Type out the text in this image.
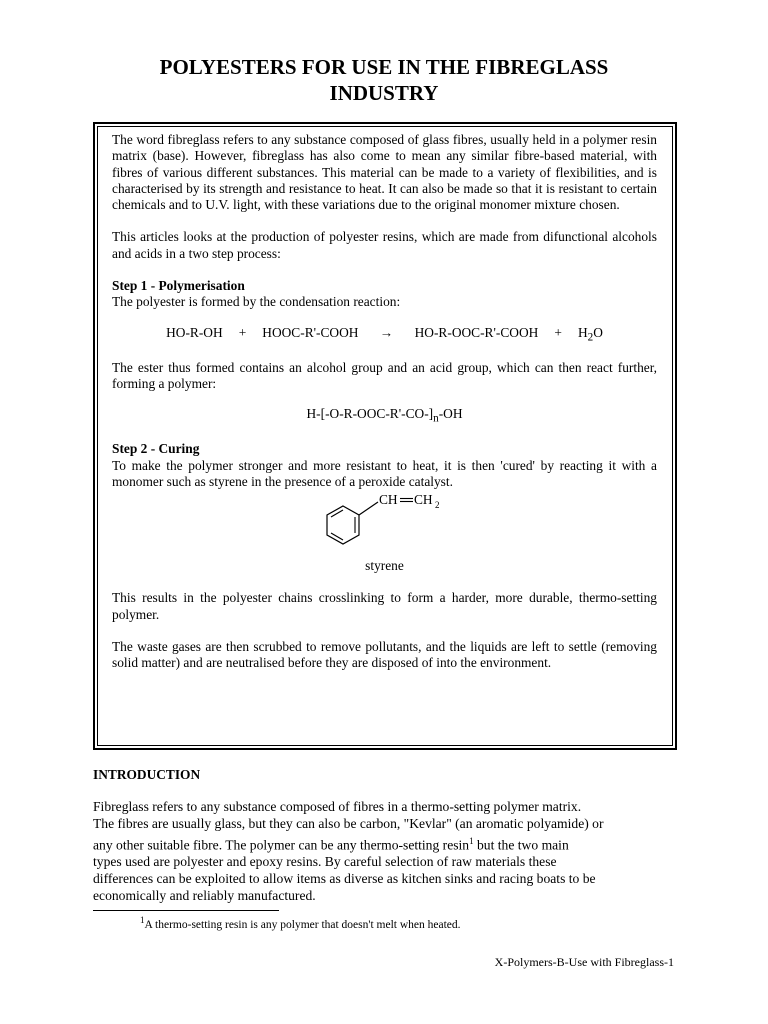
POLYESTERS FOR USE IN THE FIBREGLASS
INDUSTRY

The word fibreglass refers to any substance composed of glass fibres, usually held in a polymer resin matrix (base). However, fibreglass has also come to mean any similar fibre-based material, with fibres of various different substances. This material can be made to a variety of flexibilities, and is characterised by its strength and resistance to heat. It can also be made so that it is resistant to certain chemicals and to U.V. light, with these variations due to the original monomer mixture chosen.

This articles looks at the production of polyester resins, which are made from difunctional alcohols and acids in a two step process:

Step 1 - Polymerisation

The polyester is formed by the condensation reaction:

HO-R-OH + HOOC-R'-COOH → HO-R-OOC-R'-COOH + $H_2O$

The ester thus formed contains an alcohol group and an acid group, which can then react further, forming a polymer:

$H-[-O-R-OOC-R'-CO-]_n-OH$

Step 2 - Curing

To make the polymer stronger and more resistant to heat, it is then 'cured' by reacting it with a monomer such as styrene in the presence of a peroxide catalyst.

CH CH 2
styrene

This results in the polyester chains crosslinking to form a harder, more durable, thermo-setting polymer.

The waste gases are then scrubbed to remove pollutants, and the liquids are left to settle (removing solid matter) and are neutralised before they are disposed of into the environment.

INTRODUCTION

Fibreglass refers to any substance composed of fibres in a thermo-setting polymer matrix.
The fibres are usually glass, but they can also be carbon, "Kevlar" (an aromatic polyamide) or
any other suitable fibre. The polymer can be any thermo-setting resin$^1$ but the two main
types used are polyester and epoxy resins. By careful selection of raw materials these
differences can be exploited to allow items as diverse as kitchen sinks and racing boats to be
economically and reliably manufactured.

$^1$A thermo-setting resin is any polymer that doesn't melt when heated.

X-Polymers-B-Use with Fibreglass-1
